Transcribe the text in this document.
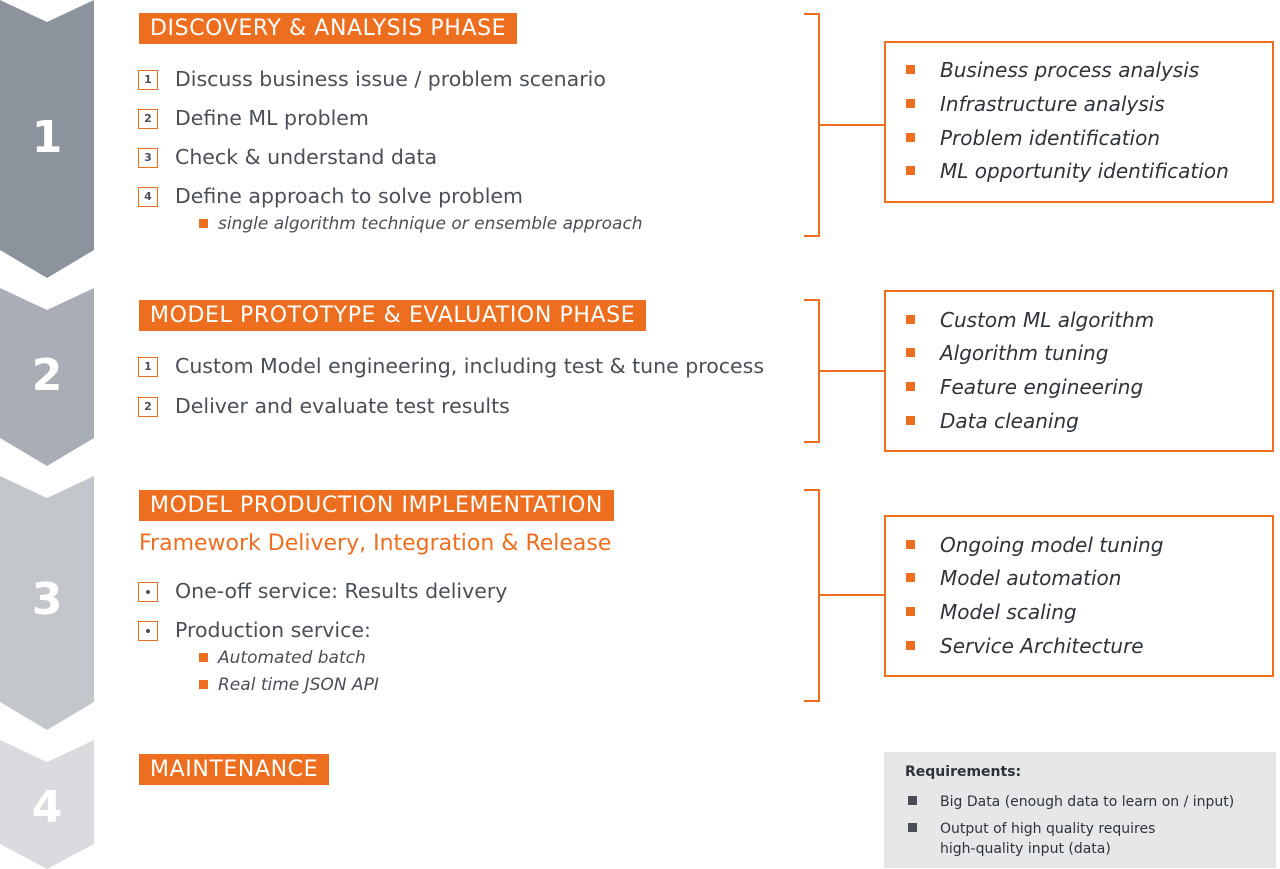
1
2
3
4
DISCOVERY & ANALYSIS PHASE
1	Discuss business issue / problem scenario
2	Define ML problem
3	Check & understand data
4	Define approach to solve problem
single algorithm technique or ensemble approach
Business process analysis
Infrastructure analysis
Problem identification
ML opportunity identification
MODEL PROTOTYPE & EVALUATION PHASE
1	Custom Model engineering, including test & tune process
2	Deliver and evaluate test results
Custom ML algorithm
Algorithm tuning
Feature engineering
Data cleaning
MODEL PRODUCTION IMPLEMENTATION
Framework Delivery, Integration & Release
One-off service: Results delivery
Production service:
Automated batch
Real time JSON API
Ongoing model tuning
Model automation
Model scaling
Service Architecture
MAINTENANCE	Requirements:
Big Data (enough data to learn on / input)
Output of high quality requires
high-quality input (data)
